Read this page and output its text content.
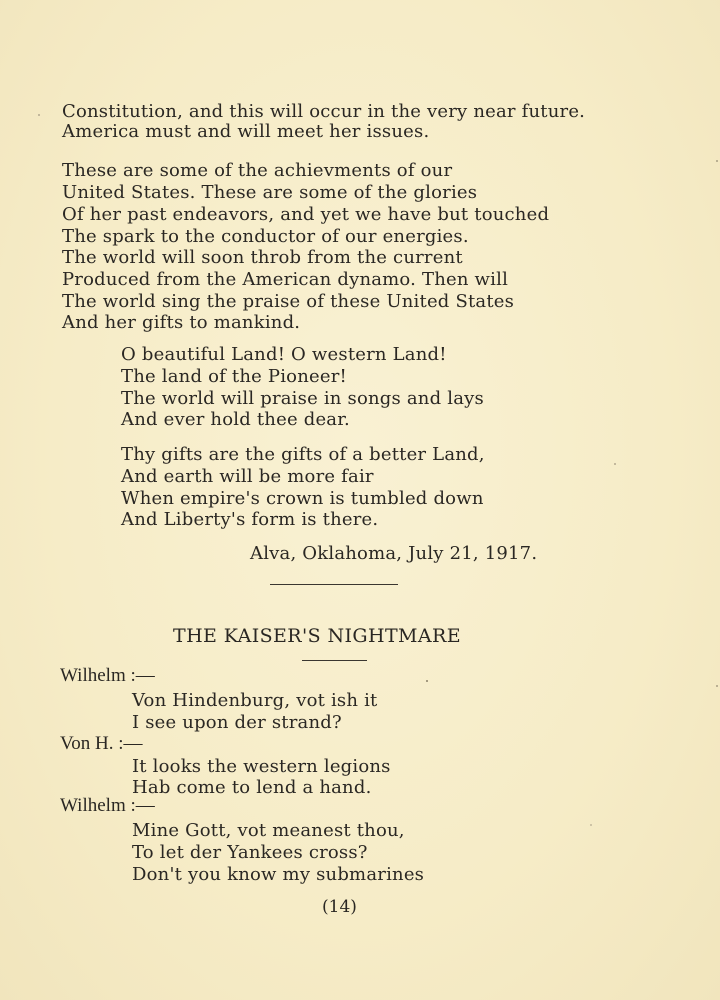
Constitution, and this will occur in the very near future.
America must and will meet her issues.
These are some of the achievments of our
United States. These are some of the glories
Of her past endeavors, and yet we have but touched
The spark to the conductor of our energies.
The world will soon throb from the current
Produced from the American dynamo. Then will
The world sing the praise of these United States
And her gifts to mankind.
O beautiful Land! O western Land!
The land of the Pioneer!
The world will praise in songs and lays
And ever hold thee dear.
Thy gifts are the gifts of a better Land,
And earth will be more fair
When empire's crown is tumbled down
And Liberty's form is there.
Alva, Oklahoma, July 21, 1917.
THE KAISER'S NIGHTMARE
Wilhelm :—
Von Hindenburg, vot ish it
I see upon der strand?
Von H. :—
It looks the western legions
Hab come to lend a hand.
Wilhelm :—
Mine Gott, vot meanest thou,
To let der Yankees cross?
Don't you know my submarines
(14)
